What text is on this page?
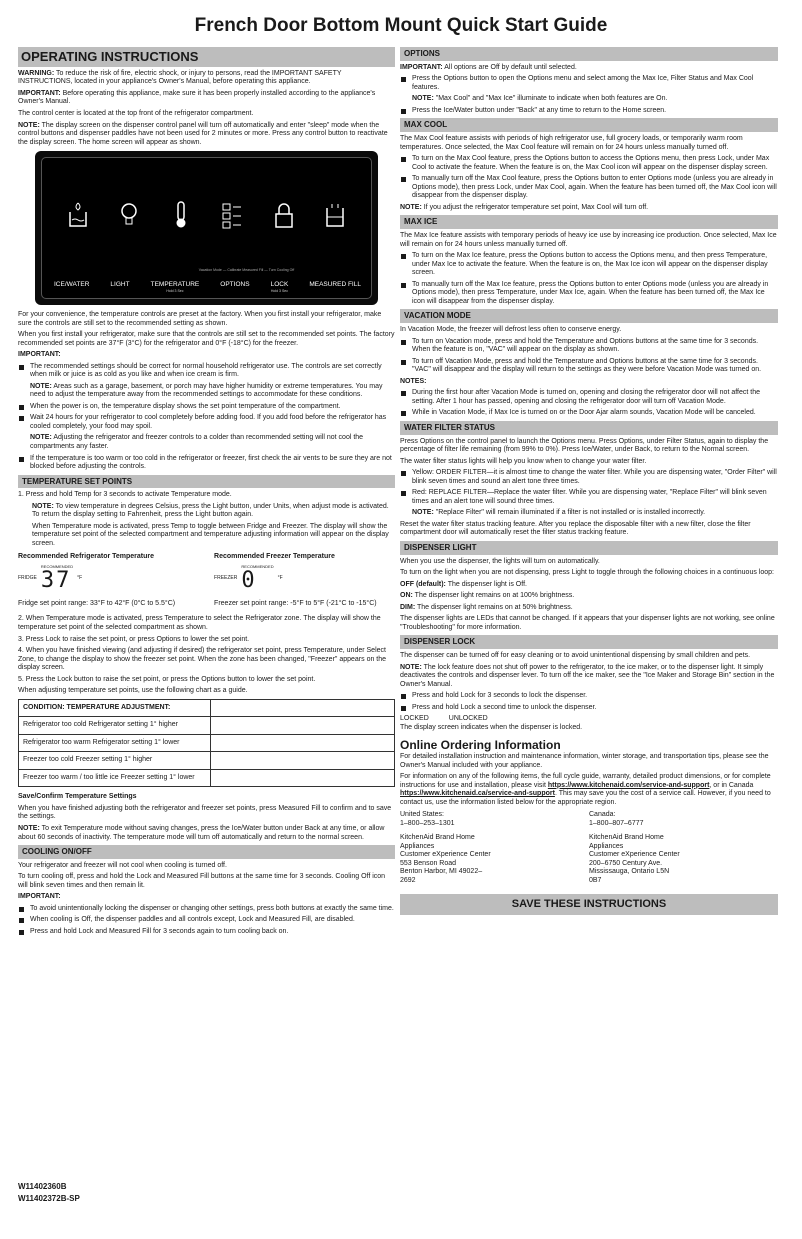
French Door Bottom Mount Quick Start Guide
OPERATING INSTRUCTIONS

WARNING: To reduce the risk of fire, electric shock, or injury to persons, read the IMPORTANT SAFETY INSTRUCTIONS, located in your appliance's Owner's Manual, before operating this appliance.

IMPORTANT: Before operating this appliance, make sure it has been properly installed according to the appliance's Owner's Manual.

The control center is located at the top front of the refrigerator compartment.

NOTE: The display screen on the dispenser control panel will turn off automatically and enter "sleep" mode when the control buttons and dispenser paddles have not been used for 2 minutes or more. Press any control button to reactivate the display screen. The home screen will appear as shown.

Vacation Mode — Calibrate Measured Fill — Turn Cooling Off
ICE/WATER	LIGHT	TEMPERATURE
Hold 3 Sec
OPTIONS	LOCK
Hold 3 Sec
MEASURED FILL

For your convenience, the temperature controls are preset at the factory. When you first install your refrigerator, make sure the controls are still set to the recommended setting as shown.

When you first install your refrigerator, make sure that the controls are still set to the recommended set points. The factory recommended set points are 37°F (3°C) for the refrigerator and 0°F (-18°C) for the freezer.

IMPORTANT:

The recommended settings should be correct for normal household refrigerator use. The controls are set correctly when milk or juice is as cold as you like and when ice cream is firm.
NOTE: Areas such as a garage, basement, or porch may have higher humidity or extreme temperatures. You may need to adjust the temperature away from the recommended settings to accommodate for these conditions.
When the power is on, the temperature display shows the set point temperature of the compartment.
Wait 24 hours for your refrigerator to cool completely before adding food. If you add food before the refrigerator has cooled completely, your food may spoil.
NOTE: Adjusting the refrigerator and freezer controls to a colder than recommended setting will not cool the compartments any faster.
If the temperature is too warm or too cold in the refrigerator or freezer, first check the air vents to be sure they are not blocked before adjusting the controls.
TEMPERATURE SET POINTS

1. Press and hold Temp for 3 seconds to activate Temperature mode.

NOTE: To view temperature in degrees Celsius, press the Light button, under Units, when adjust mode is activated. To return the display setting to Fahrenheit, press the Light button again.

When Temperature mode is activated, press Temp to toggle between Fridge and Freezer. The display will show the temperature set point of the selected compartment and temperature adjusting information will appear on the display screen.

Recommended Refrigerator Temperature

FRIDGE
RECOMMENDED
37	°F

Recommended Freezer Temperature

FREEZER
RECOMMENDED
0	°F

Fridge set point range: 33°F to 42°F (0°C to 5.5°C)	Freezer set point range: -5°F to 5°F (-21°C to -15°C)

2. When Temperature mode is activated, press Temperature to select the Refrigerator zone. The display will show the temperature set point of the selected compartment as shown.

3. Press Lock to raise the set point, or press Options to lower the set point.

4. When you have finished viewing (and adjusting if desired) the refrigerator set point, press Temperature, under Select Zone, to change the display to show the freezer set point. When the zone has been changed, "Freezer" appears on the display screen.

5. Press the Lock button to raise the set point, or press the Options button to lower the set point.

When adjusting temperature set points, use the following chart as a guide.

CONDITION: TEMPERATURE ADJUSTMENT:	
Refrigerator too cold Refrigerator setting 1° higher	
Refrigerator too warm Refrigerator setting 1° lower	
Freezer too cold Freezer setting 1° higher	
Freezer too warm / too little ice Freezer setting 1° lower	

Save/Confirm Temperature Settings

When you have finished adjusting both the refrigerator and freezer set points, press Measured Fill to confirm and to save the settings.

NOTE: To exit Temperature mode without saving changes, press the Ice/Water button under Back at any time, or allow about 60 seconds of inactivity. The temperature mode will turn off automatically and return to the normal screen.

COOLING ON/OFF

Your refrigerator and freezer will not cool when cooling is turned off.

To turn cooling off, press and hold the Lock and Measured Fill buttons at the same time for 3 seconds. Cooling Off icon will blink seven times and then remain lit.

IMPORTANT:

To avoid unintentionally locking the dispenser or changing other settings, press both buttons at exactly the same time.
When cooling is Off, the dispenser paddles and all controls except, Lock and Measured Fill, are disabled.
Press and hold Lock and Measured Fill for 3 seconds again to turn cooling back on.
OPTIONS

IMPORTANT: All options are Off by default until selected.

Press the Options button to open the Options menu and select among the Max Ice, Filter Status and Max Cool features.
NOTE: "Max Cool" and "Max Ice" illuminate to indicate when both features are On.
Press the Ice/Water button under "Back" at any time to return to the Home screen.
MAX COOL

The Max Cool feature assists with periods of high refrigerator use, full grocery loads, or temporarily warm room temperatures. Once selected, the Max Cool feature will remain on for 24 hours unless manually turned off.

To turn on the Max Cool feature, press the Options button to access the Options menu, then press Lock, under Max Cool to activate the feature. When the feature is on, the Max Cool icon will appear on the dispenser display screen.
To manually turn off the Max Cool feature, press the Options button to enter Options mode (unless you are already in Options mode), then press Lock, under Max Cool, again. When the feature has been turned off, the Max Cool icon will disappear from the dispenser display.

NOTE: If you adjust the refrigerator temperature set point, Max Cool will turn off.

MAX ICE

The Max Ice feature assists with temporary periods of heavy ice use by increasing ice production. Once selected, Max Ice will remain on for 24 hours unless manually turned off.

To turn on the Max Ice feature, press the Options button to access the Options menu, and then press Temperature, under Max Ice to activate the feature. When the feature is on, the Max Ice icon will appear on the dispenser display screen.
To manually turn off the Max Ice feature, press the Options button to enter Options mode (unless you are already in Options mode), then press Temperature, under Max Ice, again. When the feature has been turned off, the Max Ice icon will disappear from the dispenser display.
VACATION MODE

In Vacation Mode, the freezer will defrost less often to conserve energy.

To turn on Vacation mode, press and hold the Temperature and Options buttons at the same time for 3 seconds. When the feature is on, "VAC" will appear on the display as shown.
To turn off Vacation Mode, press and hold the Temperature and Options buttons at the same time for 3 seconds. "VAC" will disappear and the display will return to the settings as they were before Vacation Mode was turned on.

NOTES:

During the first hour after Vacation Mode is turned on, opening and closing the refrigerator door will not affect the setting. After 1 hour has passed, opening and closing the refrigerator door will turn off Vacation Mode.
While in Vacation Mode, if Max Ice is turned on or the Door Ajar alarm sounds, Vacation Mode will be canceled.
WATER FILTER STATUS

Press Options on the control panel to launch the Options menu. Press Options, under Filter Status, again to display the percentage of filter life remaining (from 99% to 0%). Press Ice/Water, under Back, to return to the Normal screen.

The water filter status lights will help you know when to change your water filter.

Yellow: ORDER FILTER—it is almost time to change the water filter. While you are dispensing water, "Order Filter" will blink seven times and sound an alert tone three times.
Red: REPLACE FILTER—Replace the water filter. While you are dispensing water, "Replace Filter" will blink seven times and an alert tone will sound three times.
NOTE: "Replace Filter" will remain illuminated if a filter is not installed or is installed incorrectly.

Reset the water filter status tracking feature. After you replace the disposable filter with a new filter, close the filter compartment door will automatically reset the filter status tracking feature.

DISPENSER LIGHT

When you use the dispenser, the lights will turn on automatically.

To turn on the light when you are not dispensing, press Light to toggle through the following choices in a continuous loop:

OFF (default): The dispenser light is Off.

ON: The dispenser light remains on at 100% brightness.

DIM: The dispenser light remains on at 50% brightness.

The dispenser lights are LEDs that cannot be changed. If it appears that your dispenser lights are not working, see online "Troubleshooting" for more information.

DISPENSER LOCK

The dispenser can be turned off for easy cleaning or to avoid unintentional dispensing by small children and pets.

NOTE: The lock feature does not shut off power to the refrigerator, to the ice maker, or to the dispenser light. It simply deactivates the controls and dispenser lever. To turn off the ice maker, see the "Ice Maker and Storage Bin" section in the Owner's Manual.

Press and hold Lock for 3 seconds to lock the dispenser.
Press and hold Lock a second time to unlock the dispenser.
LOCKED	UNLOCKED

The display screen indicates when the dispenser is locked.

Online Ordering Information

For detailed installation instruction and maintenance information, winter storage, and transportation tips, please see the Owner's Manual included with your appliance.

For information on any of the following items, the full cycle guide, warranty, detailed product dimensions, or for complete instructions for use and installation, please visit https://www.kitchenaid.com/service-and-support, or in Canada https://www.kitchenaid.ca/service-and-support. This may save you the cost of a service call. However, if you need to contact us, use the information listed below for the appropriate region.

United States:
1–800–253–1301
KitchenAid Brand Home Appliances
Customer eXperience Center
553 Benson Road
Benton Harbor, MI 49022–2692
Canada:
1–800–807–6777
KitchenAid Brand Home Appliances
Customer eXperience Center
200–6750 Century Ave.
Mississauga, Ontario L5N 0B7
SAVE THESE INSTRUCTIONS
W11402360B
W11402372B-SP
